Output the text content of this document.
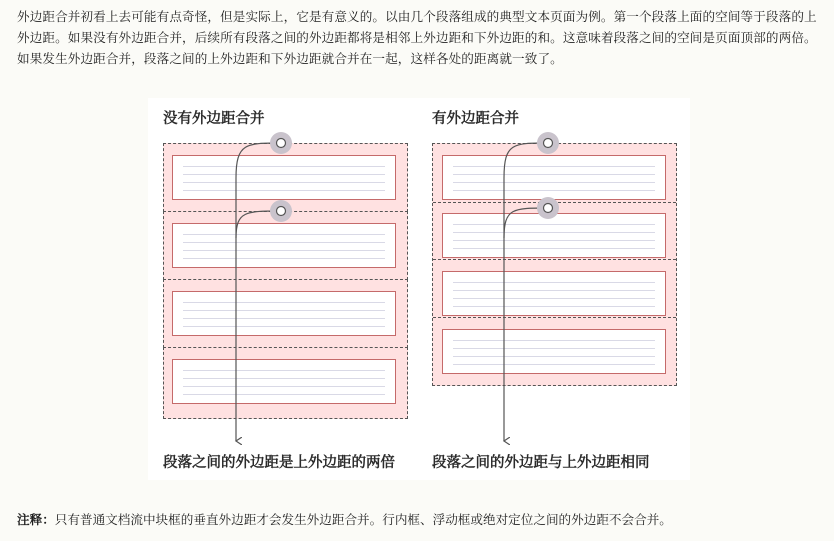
外边距合并初看上去可能有点奇怪，但是实际上，它是有意义的。以由几个段落组成的典型文本页面为例。第一个段落上面的空间等于段落的上外边距。如果没有外边距合并，后续所有段落之间的外边距都将是相邻上外边距和下外边距的和。这意味着段落之间的空间是页面顶部的两倍。如果发生外边距合并，段落之间的上外边距和下外边距就合并在一起，这样各处的距离就一致了。

没有外边距合并
段落之间的外边距是上外边距的两倍
有外边距合并
段落之间的外边距与上外边距相同

注释：只有普通文档流中块框的垂直外边距才会发生外边距合并。行内框、浮动框或绝对定位之间的外边距不会合并。
